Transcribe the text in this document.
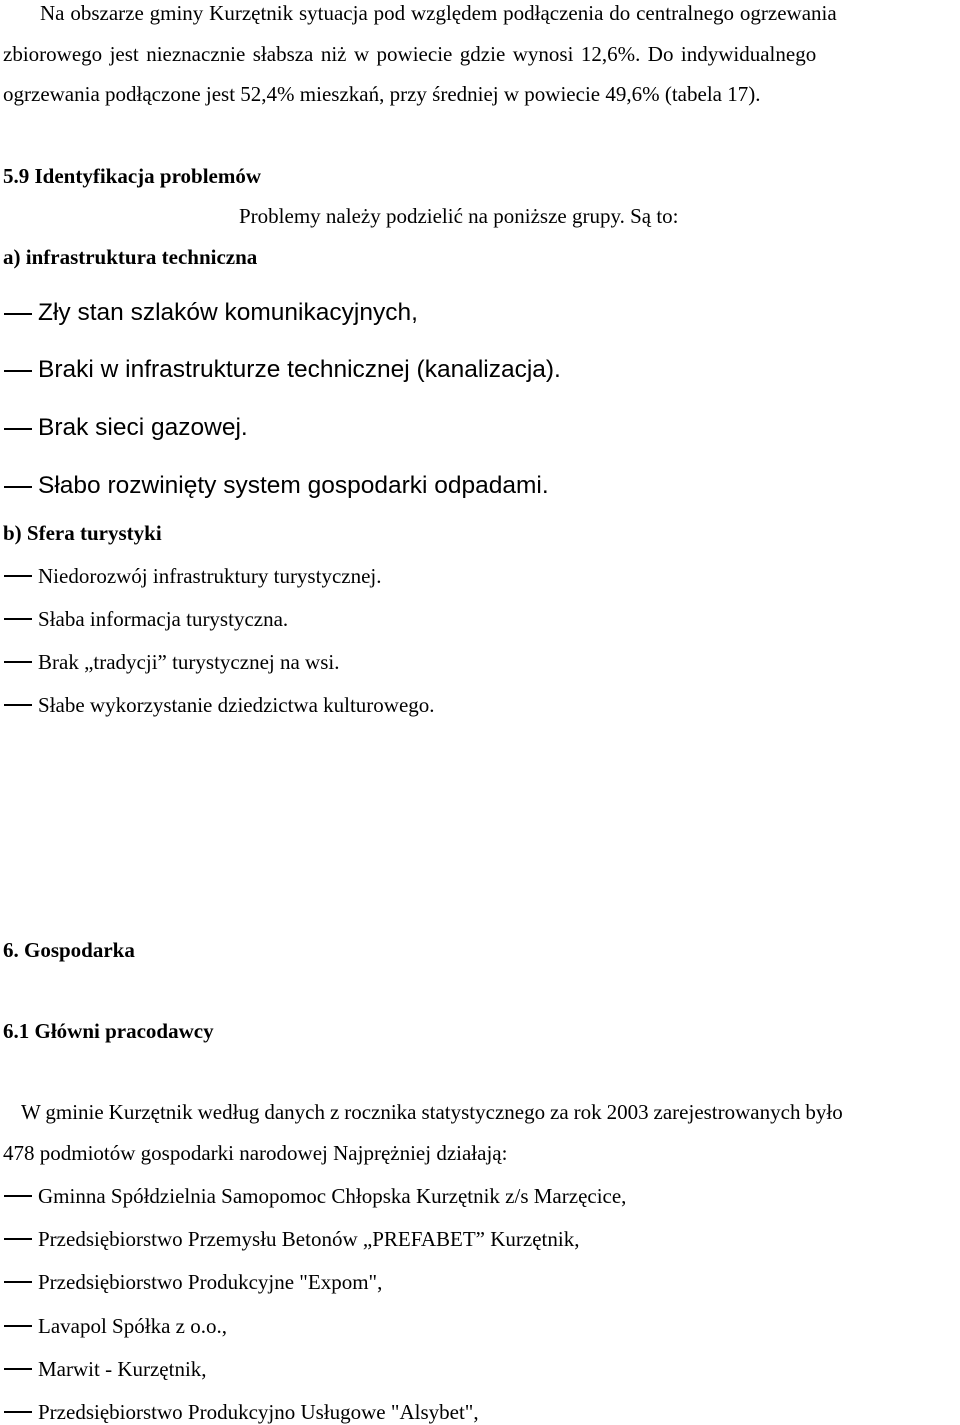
Na obszarze gminy Kurzętnik sytuacja pod względem podłączenia do centralnego ogrzewania
zbiorowego jest nieznacznie słabsza niż w powiecie gdzie wynosi 12,6%. Do indywidualnego
ogrzewania podłączone jest 52,4% mieszkań, przy średniej w powiecie 49,6% (tabela 17).
5.9 Identyfikacja problemów
Problemy należy podzielić na poniższe grupy. Są to:
a) infrastruktura techniczna
Zły stan szlaków komunikacyjnych,
Braki w infrastrukturze technicznej (kanalizacja).
Brak sieci gazowej.
Słabo rozwinięty system gospodarki odpadami.
b) Sfera turystyki
Niedorozwój infrastruktury turystycznej.
Słaba informacja turystyczna.
Brak „tradycji” turystycznej na wsi.
Słabe wykorzystanie dziedzictwa kulturowego.
6. Gospodarka
6.1 Główni pracodawcy
W gminie Kurzętnik według danych z rocznika statystycznego za rok 2003 zarejestrowanych było
478 podmiotów gospodarki narodowej Najprężniej działają:
Gminna Spółdzielnia Samopomoc Chłopska Kurzętnik z/s Marzęcice,
Przedsiębiorstwo Przemysłu Betonów „PREFABET” Kurzętnik,
Przedsiębiorstwo Produkcyjne "Expom",
Lavapol Spółka z o.o.,
Marwit - Kurzętnik,
Przedsiębiorstwo Produkcyjno Usługowe "Alsybet",
